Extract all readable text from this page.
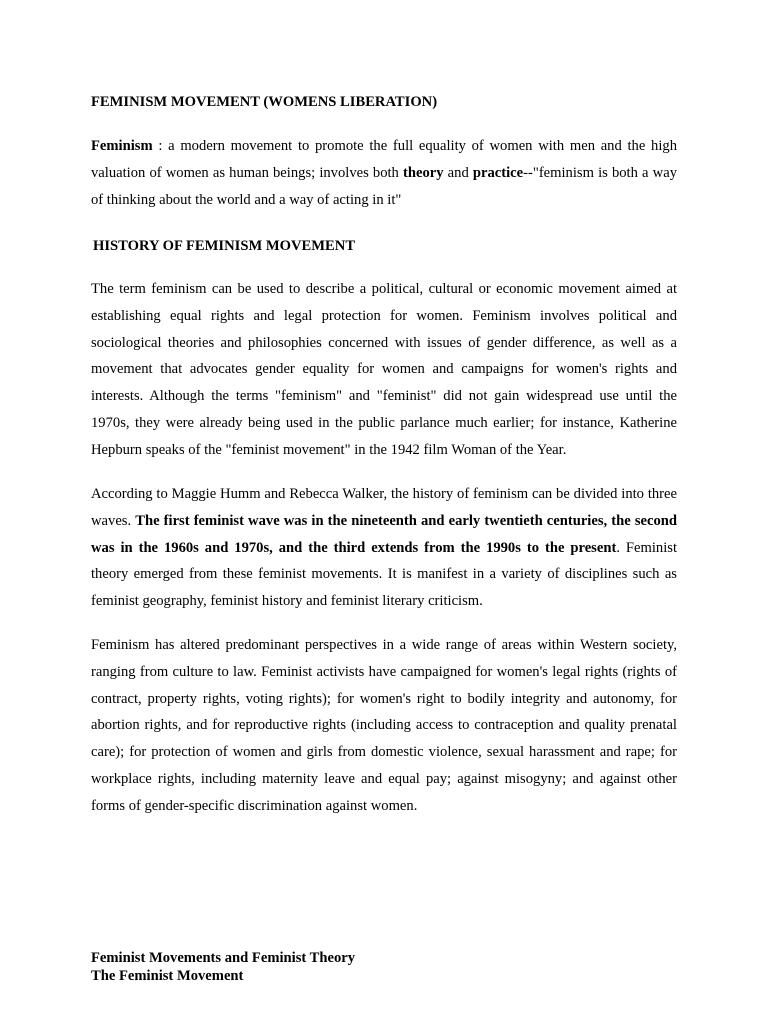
FEMINISM MOVEMENT (WOMENS LIBERATION)

Feminism : a modern movement to promote the full equality of women with men and the high valuation of women as human beings; involves both theory and practice--"feminism is both a way of thinking about the world and a way of acting in it"

HISTORY OF FEMINISM MOVEMENT

The term feminism can be used to describe a political, cultural or economic movement aimed at establishing equal rights and legal protection for women. Feminism involves political and sociological theories and philosophies concerned with issues of gender difference, as well as a movement that advocates gender equality for women and campaigns for women's rights and interests. Although the terms "feminism" and "feminist" did not gain widespread use until the 1970s, they were already being used in the public parlance much earlier; for instance, Katherine Hepburn speaks of the "feminist movement" in the 1942 film Woman of the Year.

According to Maggie Humm and Rebecca Walker, the history of feminism can be divided into three waves. The first feminist wave was in the nineteenth and early twentieth centuries, the second was in the 1960s and 1970s, and the third extends from the 1990s to the present. Feminist theory emerged from these feminist movements. It is manifest in a variety of disciplines such as feminist geography, feminist history and feminist literary criticism.

Feminism has altered predominant perspectives in a wide range of areas within Western society, ranging from culture to law. Feminist activists have campaigned for women's legal rights (rights of contract, property rights, voting rights); for women's right to bodily integrity and autonomy, for abortion rights, and for reproductive rights (including access to contraception and quality prenatal care); for protection of women and girls from domestic violence, sexual harassment and rape; for workplace rights, including maternity leave and equal pay; against misogyny; and against other forms of gender-specific discrimination against women.

Feminist Movements and Feminist Theory
The Feminist Movement
